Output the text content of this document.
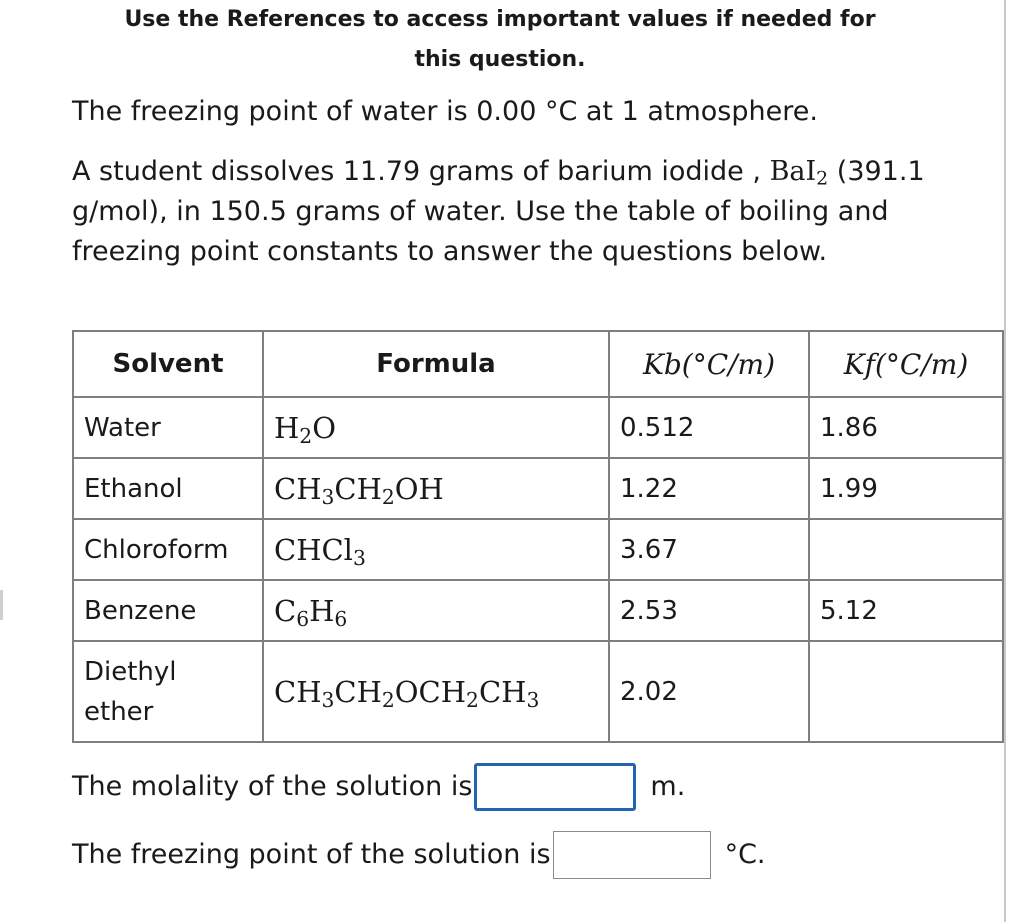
Use the References to access important values if needed for this question.

The freezing point of water is 0.00 °C at 1 atmosphere.

A student dissolves 11.79 grams of barium iodide , BaI$_2$ (391.1 g/mol), in 150.5 grams of water. Use the table of boiling and freezing point constants to answer the questions below.

Solvent	Formula	Kb(°C/m)	Kf(°C/m)
Water	$H_2O$	0.512	1.86
Ethanol	$CH_3CH_2OH$	1.22	1.99
Chloroform	CHCl$_3$	3.67	
Benzene	$C_6H_6$	2.53	5.12
Diethyl ether	$CH_3CH_2OCH_2CH_3$	2.02	
The molality of the solution is	m.
The freezing point of the solution is	°C.
